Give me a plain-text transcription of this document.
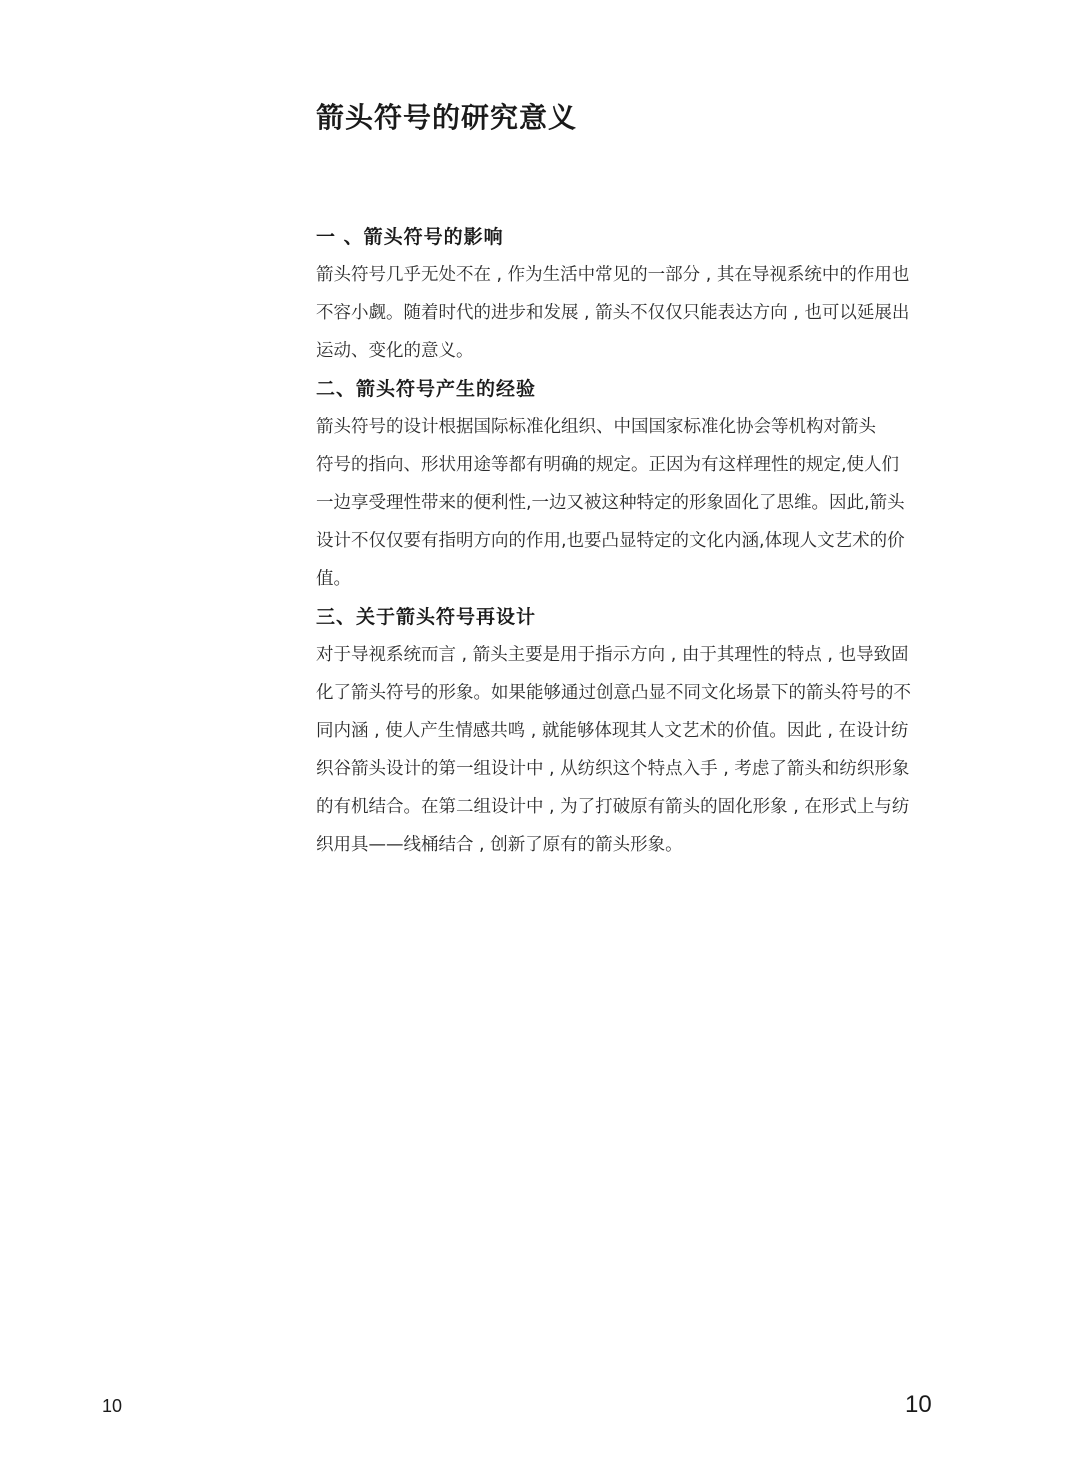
箭头符号的研究意义
一 、箭头符号的影响

箭头符号几乎无处不在 , 作为生活中常见的一部分 , 其在导视系统中的作用也
不容小觑。随着时代的进步和发展 , 箭头不仅仅只能表达方向 , 也可以延展出
运动、变化的意义。

二、箭头符号产生的经验

箭头符号的设计根据国际标准化组织、中国国家标准化协会等机构对箭头
符号的指向、形状用途等都有明确的规定。正因为有这样理性的规定,使人们
一边享受理性带来的便利性,一边又被这种特定的形象固化了思维。因此,箭头
设计不仅仅要有指明方向的作用,也要凸显特定的文化内涵,体现人文艺术的价
值。

三、关于箭头符号再设计

对于导视系统而言 , 箭头主要是用于指示方向 , 由于其理性的特点 , 也导致固
化了箭头符号的形象。如果能够通过创意凸显不同文化场景下的箭头符号的不
同内涵 , 使人产生情感共鸣 , 就能够体现其人文艺术的价值。因此 , 在设计纺
织谷箭头设计的第一组设计中 , 从纺织这个特点入手 , 考虑了箭头和纺织形象
的有机结合。在第二组设计中 , 为了打破原有箭头的固化形象 , 在形式上与纺
织用具——线桶结合 , 创新了原有的箭头形象。

10	10
